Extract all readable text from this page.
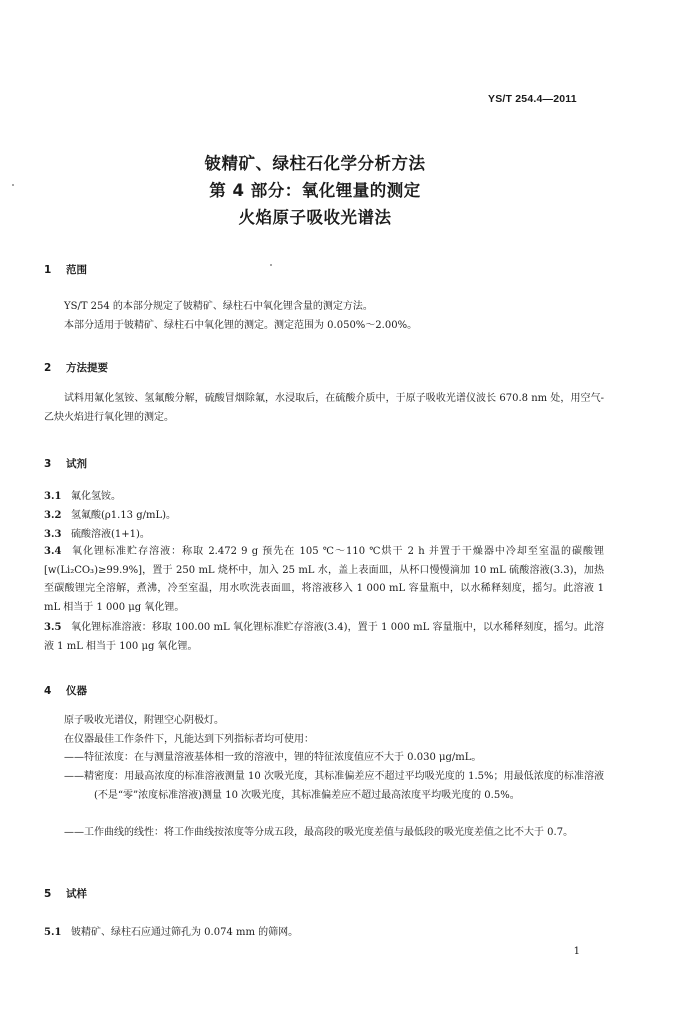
YS/T 254.4—2011
铍精矿、绿柱石化学分析方法
第 4 部分：氧化锂量的测定
火焰原子吸收光谱法
1 范围
YS/T 254 的本部分规定了铍精矿、绿柱石中氧化锂含量的测定方法。
本部分适用于铍精矿、绿柱石中氧化锂的测定。测定范围为 0.050%～2.00%。
2 方法提要
试料用氟化氢铵、氢氟酸分解，硫酸冒烟除氟，水浸取后，在硫酸介质中，于原子吸收光谱仪波长 670.8 nm 处，用空气-乙炔火焰进行氧化锂的测定。
3 试剂
3.1 氟化氢铵。
3.2 氢氟酸(ρ1.13 g/mL)。
3.3 硫酸溶液(1+1)。
3.4 氧化锂标准贮存溶液：称取 2.472 9 g 预先在 105 ℃～110 ℃烘干 2 h 并置于干燥器中冷却至室温的碳酸锂[w(Li₂CO₃)≥99.9%]，置于 250 mL 烧杯中，加入 25 mL 水，盖上表面皿，从杯口慢慢滴加 10 mL 硫酸溶液(3.3)，加热至碳酸锂完全溶解，煮沸，冷至室温，用水吹洗表面皿，将溶液移入 1 000 mL 容量瓶中，以水稀释刻度，摇匀。此溶液 1 mL 相当于 1 000 μg 氧化锂。
3.5 氧化锂标准溶液：移取 100.00 mL 氧化锂标准贮存溶液(3.4)，置于 1 000 mL 容量瓶中，以水稀释刻度，摇匀。此溶液 1 mL 相当于 100 μg 氧化锂。
4 仪器
原子吸收光谱仪，附锂空心阴极灯。
在仪器最佳工作条件下，凡能达到下列指标者均可使用：
——特征浓度：在与测量溶液基体相一致的溶液中，锂的特征浓度值应不大于 0.030 μg/mL。
——精密度：用最高浓度的标准溶液测量 10 次吸光度，其标准偏差应不超过平均吸光度的 1.5%；用最低浓度的标准溶液(不是“零”浓度标准溶液)测量 10 次吸光度，其标准偏差应不超过最高浓度平均吸光度的 0.5%。
——工作曲线的线性：将工作曲线按浓度等分成五段，最高段的吸光度差值与最低段的吸光度差值之比不大于 0.7。
5 试样
5.1 铍精矿、绿柱石应通过筛孔为 0.074 mm 的筛网。
1
